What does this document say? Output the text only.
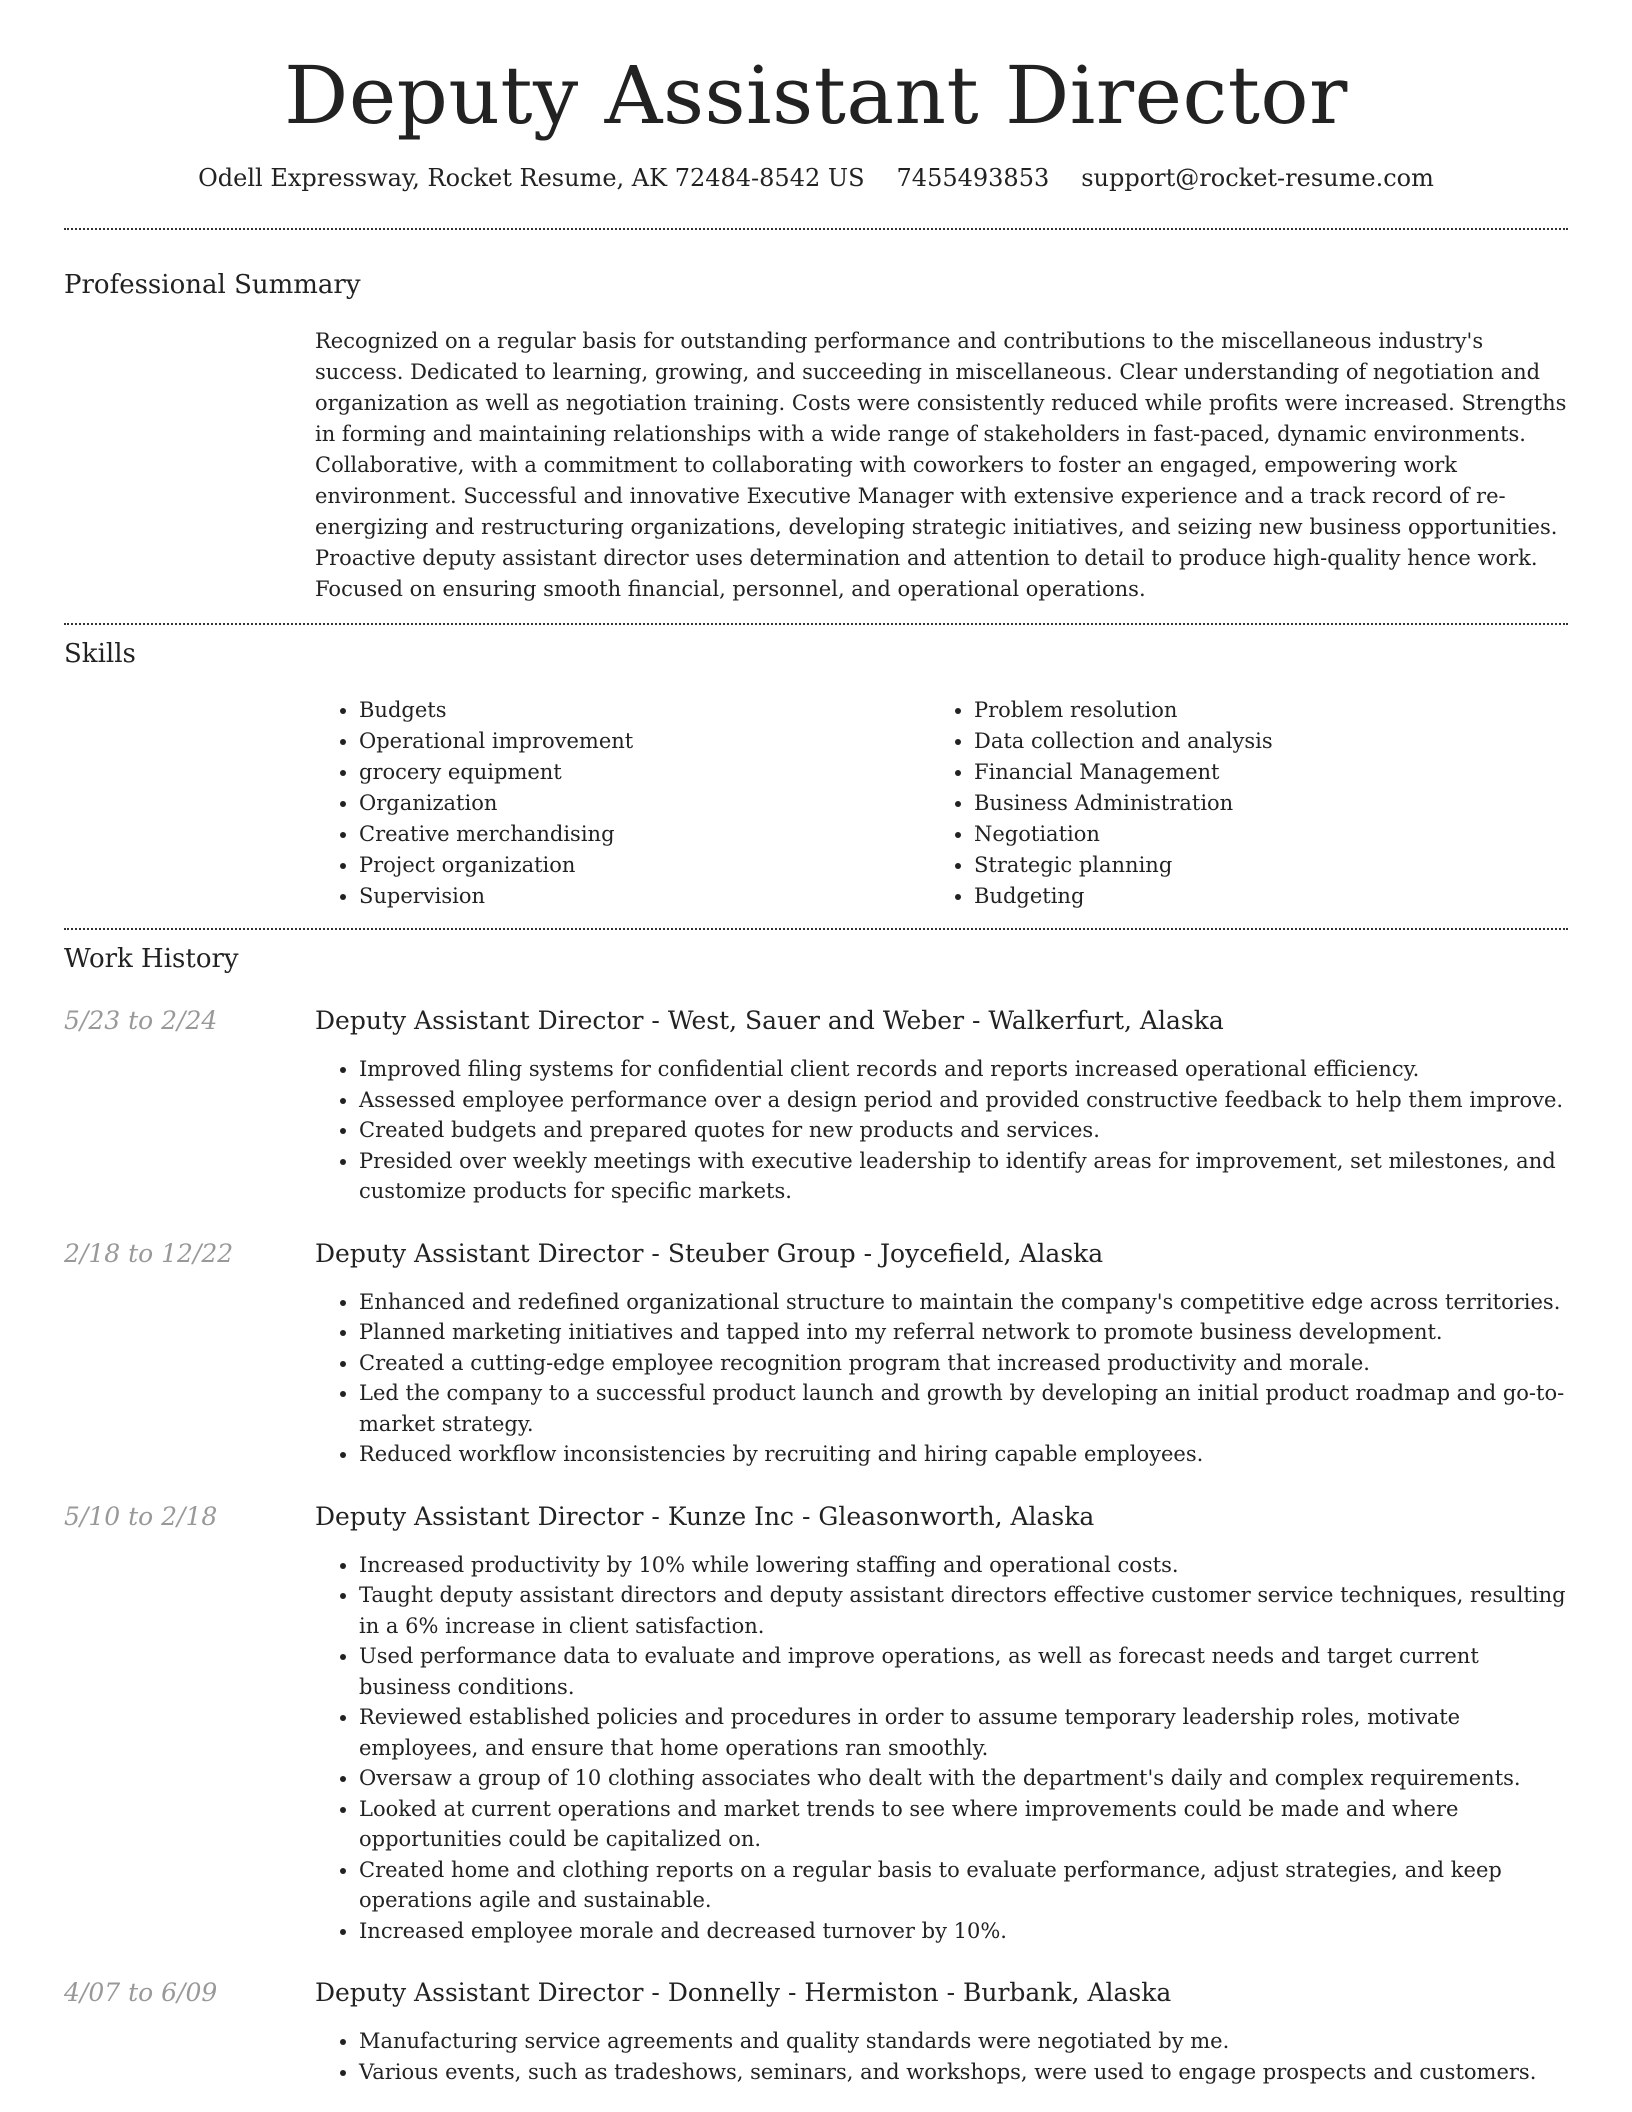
Deputy Assistant Director
Odell Expressway, Rocket Resume, AK 72484-8542 US 7455493853 support@rocket-resume.com
Professional Summary
Recognized on a regular basis for outstanding performance and contributions to the miscellaneous industry's success. Dedicated to learning, growing, and succeeding in miscellaneous. Clear understanding of negotiation and organization as well as negotiation training. Costs were consistently reduced while profits were increased. Strengths in forming and maintaining relationships with a wide range of stakeholders in fast-paced, dynamic environments. Collaborative, with a commitment to collaborating with coworkers to foster an engaged, empowering work environment. Successful and innovative Executive Manager with extensive experience and a track record of re-energizing and restructuring organizations, developing strategic initiatives, and seizing new business opportunities. Proactive deputy assistant director uses determination and attention to detail to produce high-quality hence work. Focused on ensuring smooth financial, personnel, and operational operations.
Skills
• Budgets
• Operational improvement
• grocery equipment
• Organization
• Creative merchandising
• Project organization
• Supervision
• Problem resolution
• Data collection and analysis
• Financial Management
• Business Administration
• Negotiation
• Strategic planning
• Budgeting
Work History
5/23 to 2/24	Deputy Assistant Director - West, Sauer and Weber - Walkerfurt, Alaska
• Improved filing systems for confidential client records and reports increased operational efficiency.
• Assessed employee performance over a design period and provided constructive feedback to help them improve.
• Created budgets and prepared quotes for new products and services.
• Presided over weekly meetings with executive leadership to identify areas for improvement, set milestones, and customize products for specific markets.
2/18 to 12/22	Deputy Assistant Director - Steuber Group - Joycefield, Alaska
• Enhanced and redefined organizational structure to maintain the company's competitive edge across territories.
• Planned marketing initiatives and tapped into my referral network to promote business development.
• Created a cutting-edge employee recognition program that increased productivity and morale.
• Led the company to a successful product launch and growth by developing an initial product roadmap and go-to-market strategy.
• Reduced workflow inconsistencies by recruiting and hiring capable employees.
5/10 to 2/18	Deputy Assistant Director - Kunze Inc - Gleasonworth, Alaska
• Increased productivity by 10% while lowering staffing and operational costs.
• Taught deputy assistant directors and deputy assistant directors effective customer service techniques, resulting in a 6% increase in client satisfaction.
• Used performance data to evaluate and improve operations, as well as forecast needs and target current business conditions.
• Reviewed established policies and procedures in order to assume temporary leadership roles, motivate employees, and ensure that home operations ran smoothly.
• Oversaw a group of 10 clothing associates who dealt with the department's daily and complex requirements.
• Looked at current operations and market trends to see where improvements could be made and where opportunities could be capitalized on.
• Created home and clothing reports on a regular basis to evaluate performance, adjust strategies, and keep operations agile and sustainable.
• Increased employee morale and decreased turnover by 10%.
4/07 to 6/09	Deputy Assistant Director - Donnelly - Hermiston - Burbank, Alaska
• Manufacturing service agreements and quality standards were negotiated by me.
• Various events, such as tradeshows, seminars, and workshops, were used to engage prospects and customers.
